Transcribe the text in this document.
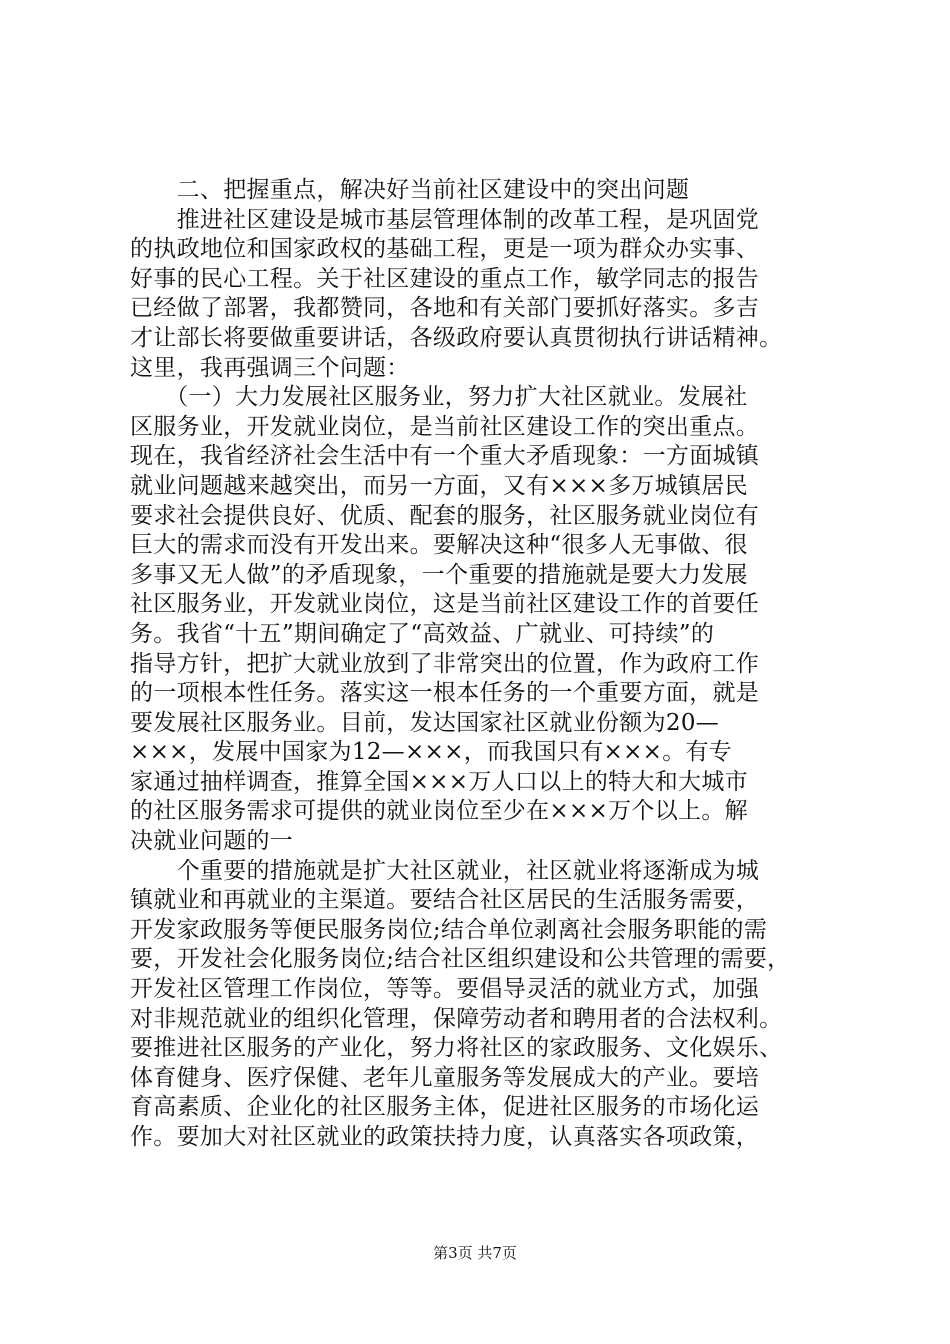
　　二、把握重点，解决好当前社区建设中的突出问题
　　推进社区建设是城市基层管理体制的改革工程，是巩固党
的执政地位和国家政权的基础工程，更是一项为群众办实事、
好事的民心工程。关于社区建设的重点工作，敏学同志的报告
已经做了部署，我都赞同，各地和有关部门要抓好落实。多吉
才让部长将要做重要讲话，各级政府要认真贯彻执行讲话精神。
这里，我再强调三个问题：
　　（一）大力发展社区服务业，努力扩大社区就业。发展社
区服务业，开发就业岗位，是当前社区建设工作的突出重点。
现在，我省经济社会生活中有一个重大矛盾现象：一方面城镇
就业问题越来越突出，而另一方面，又有×××多万城镇居民
要求社会提供良好、优质、配套的服务，社区服务就业岗位有
巨大的需求而没有开发出来。要解决这种“很多人无事做、很
多事又无人做”的矛盾现象，一个重要的措施就是要大力发展
社区服务业，开发就业岗位，这是当前社区建设工作的首要任
务。我省“十五”期间确定了“高效益、广就业、可持续”的
指导方针，把扩大就业放到了非常突出的位置，作为政府工作
的一项根本性任务。落实这一根本任务的一个重要方面，就是
要发展社区服务业。目前，发达国家社区就业份额为20—
×××，发展中国家为12—×××，而我国只有×××。有专
家通过抽样调查，推算全国×××万人口以上的特大和大城市
的社区服务需求可提供的就业岗位至少在×××万个以上。解
决就业问题的一
　　个重要的措施就是扩大社区就业，社区就业将逐渐成为城
镇就业和再就业的主渠道。要结合社区居民的生活服务需要，
开发家政服务等便民服务岗位;结合单位剥离社会服务职能的需
要，开发社会化服务岗位;结合社区组织建设和公共管理的需要，
开发社区管理工作岗位，等等。要倡导灵活的就业方式，加强
对非规范就业的组织化管理，保障劳动者和聘用者的合法权利。
要推进社区服务的产业化，努力将社区的家政服务、文化娱乐、
体育健身、医疗保健、老年儿童服务等发展成大的产业。要培
育高素质、企业化的社区服务主体，促进社区服务的市场化运
作。要加大对社区就业的政策扶持力度，认真落实各项政策，
第3页 共7页
